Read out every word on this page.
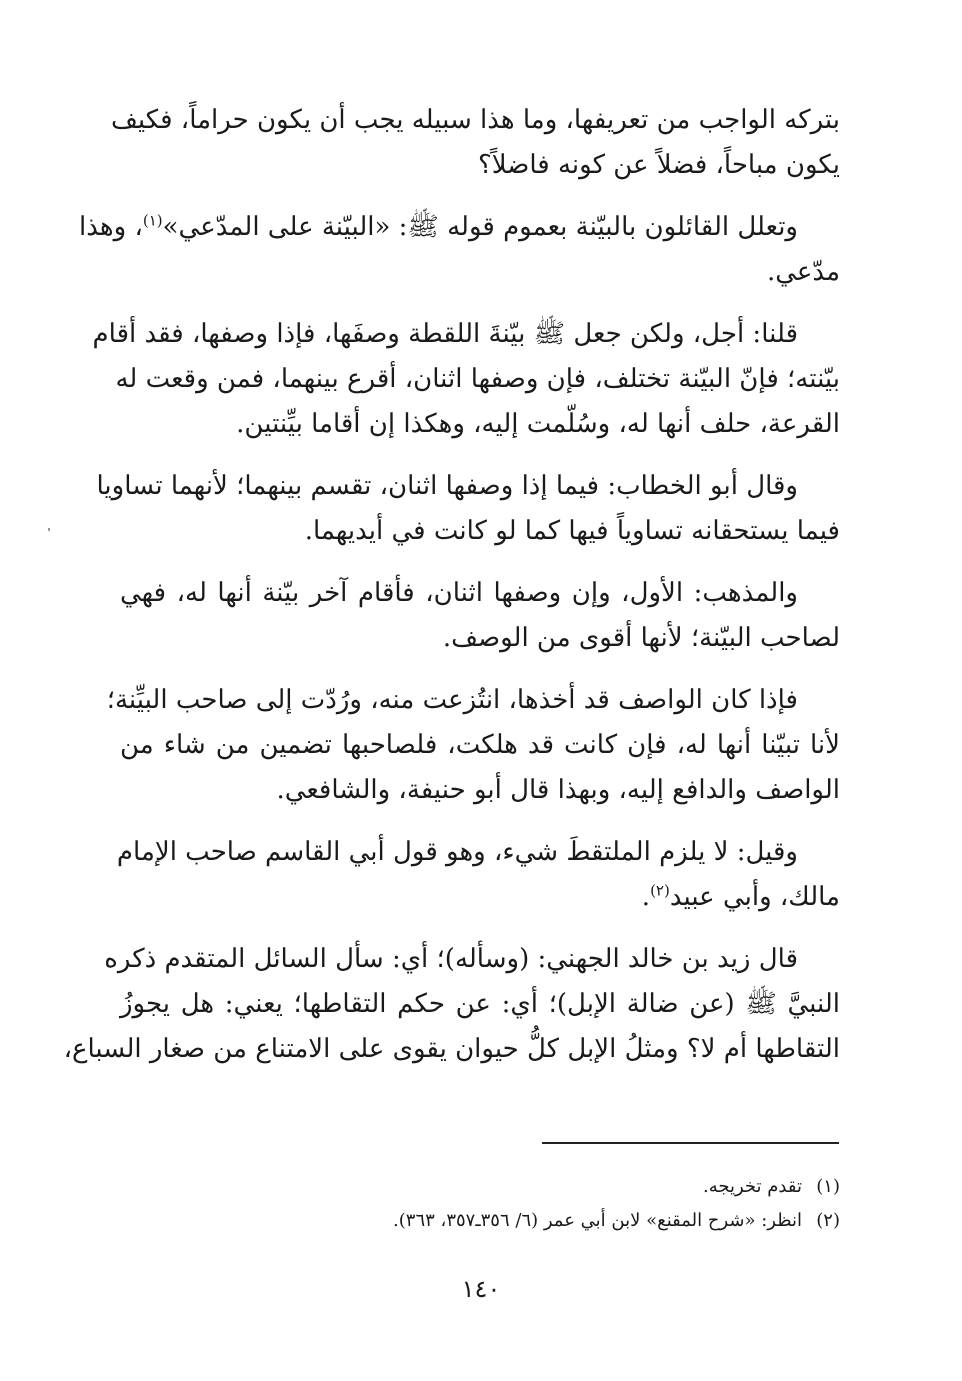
بتركه الواجب من تعريفها، وما هذا سبيله يجب أن يكون حراماً، فكيف
يكون مباحاً، فضلاً عن كونه فاضلاً؟

وتعلل القائلون بالبيّنة بعموم قوله ﷺ: «البيّنة على المدّعي»$^{(١)}$، وهذا
مدّعي.

قلنا: أجل، ولكن جعل ﷺ بيّنةَ اللقطة وصفَها، فإذا وصفها، فقد أقام
بيّنته؛ فإنّ البيّنة تختلف، فإن وصفها اثنان، أقرع بينهما، فمن وقعت له
القرعة، حلف أنها له، وسُلّمت إليه، وهكذا إن أقاما بيِّنتين.

وقال أبو الخطاب: فيما إذا وصفها اثنان، تقسم بينهما؛ لأنهما تساويا
فيما يستحقانه تساوياً فيها كما لو كانت في أيديهما.

والمذهب: الأول، وإن وصفها اثنان، فأقام آخر بيّنة أنها له، فهي
لصاحب البيّنة؛ لأنها أقوى من الوصف.

فإذا كان الواصف قد أخذها، انتُزعت منه، ورُدّت إلى صاحب البيِّنة؛
لأنا تبيّنا أنها له، فإن كانت قد هلكت، فلصاحبها تضمين من شاء من
الواصف والدافع إليه، وبهذا قال أبو حنيفة، والشافعي.

وقيل: لا يلزم الملتقطَ شيء، وهو قول أبي القاسم صاحب الإمام
مالك، وأبي عبيد$^{(٢)}$.

قال زيد بن خالد الجهني: (وسأله)؛ أي: سأل السائل المتقدم ذكره
النبيَّ ﷺ (عن ضالة الإبل)؛ أي: عن حكم التقاطها؛ يعني: هل يجوزُ
التقاطها أم لا؟ ومثلُ الإبل كلُّ حيوان يقوى على الامتناع من صغار السباع،

(١)تقدم تخريجه.
(٢)انظر: «شرح المقنع» لابن أبي عمر (٦/ ٣٥٦ـ٣٥٧، ٣٦٣).
١٤٠
